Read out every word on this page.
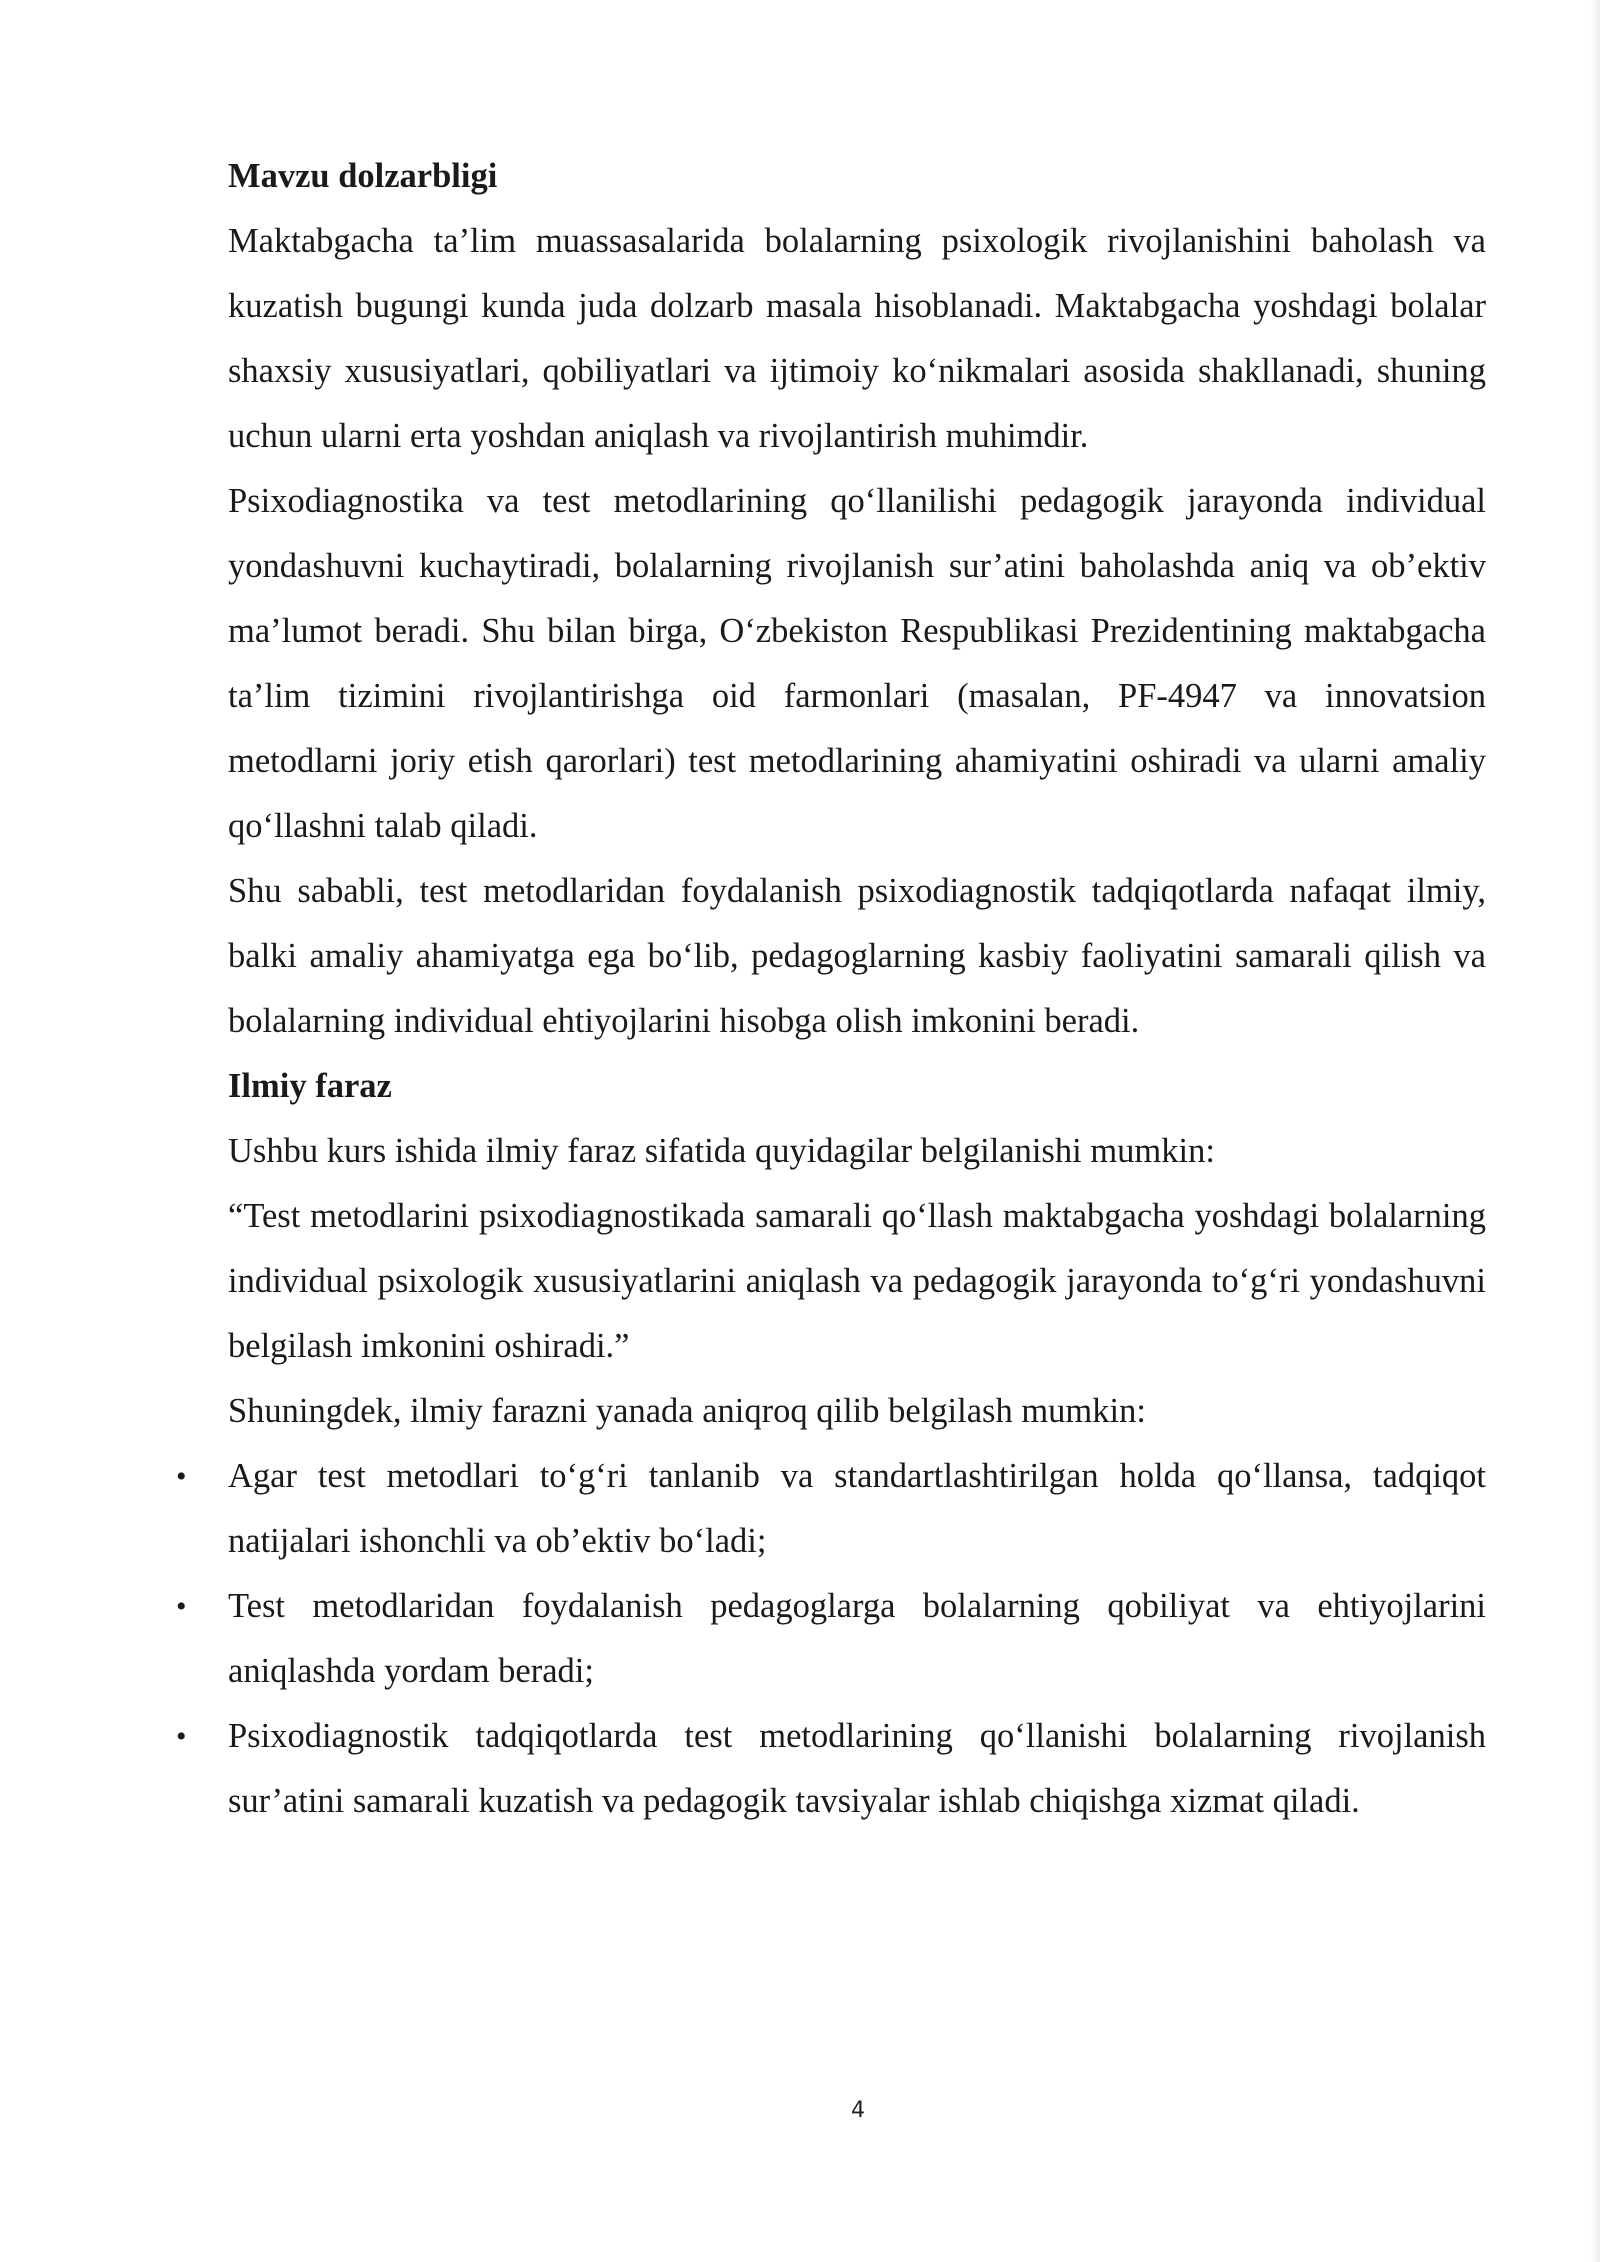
Mavzu dolzarbligi

Maktabgacha ta’lim muassasalarida bolalarning psixologik rivojlanishini baholash va kuzatish bugungi kunda juda dolzarb masala hisoblanadi. Maktabgacha yoshdagi bolalar shaxsiy xususiyatlari, qobiliyatlari va ijtimoiy ko‘nikmalari asosida shakllanadi, shuning uchun ularni erta yoshdan aniqlash va rivojlantirish muhimdir.

Psixodiagnostika va test metodlarining qo‘llanilishi pedagogik jarayonda individual yondashuvni kuchaytiradi, bolalarning rivojlanish sur’atini baholashda aniq va ob’ektiv ma’lumot beradi. Shu bilan birga, O‘zbekiston Respublikasi Prezidentining maktabgacha ta’lim tizimini rivojlantirishga oid farmonlari (masalan, PF-4947 va innovatsion metodlarni joriy etish qarorlari) test metodlarining ahamiyatini oshiradi va ularni amaliy qo‘llashni talab qiladi.

Shu sababli, test metodlaridan foydalanish psixodiagnostik tadqiqotlarda nafaqat ilmiy, balki amaliy ahamiyatga ega bo‘lib, pedagoglarning kasbiy faoliyatini samarali qilish va bolalarning individual ehtiyojlarini hisobga olish imkonini beradi.

Ilmiy faraz

Ushbu kurs ishida ilmiy faraz sifatida quyidagilar belgilanishi mumkin:

“Test metodlarini psixodiagnostikada samarali qo‘llash maktabgacha yoshdagi bolalarning individual psixologik xususiyatlarini aniqlash va pedagogik jarayonda to‘g‘ri yondashuvni belgilash imkonini oshiradi.”

Shuningdek, ilmiy farazni yanada aniqroq qilib belgilash mumkin:

• Agar test metodlari to‘g‘ri tanlanib va standartlashtirilgan holda qo‘llansa, tadqiqot natijalari ishonchli va ob’ektiv bo‘ladi;
• Test metodlaridan foydalanish pedagoglarga bolalarning qobiliyat va ehtiyojlarini aniqlashda yordam beradi;
• Psixodiagnostik tadqiqotlarda test metodlarining qo‘llanishi bolalarning rivojlanish sur’atini samarali kuzatish va pedagogik tavsiyalar ishlab chiqishga xizmat qiladi.
4
